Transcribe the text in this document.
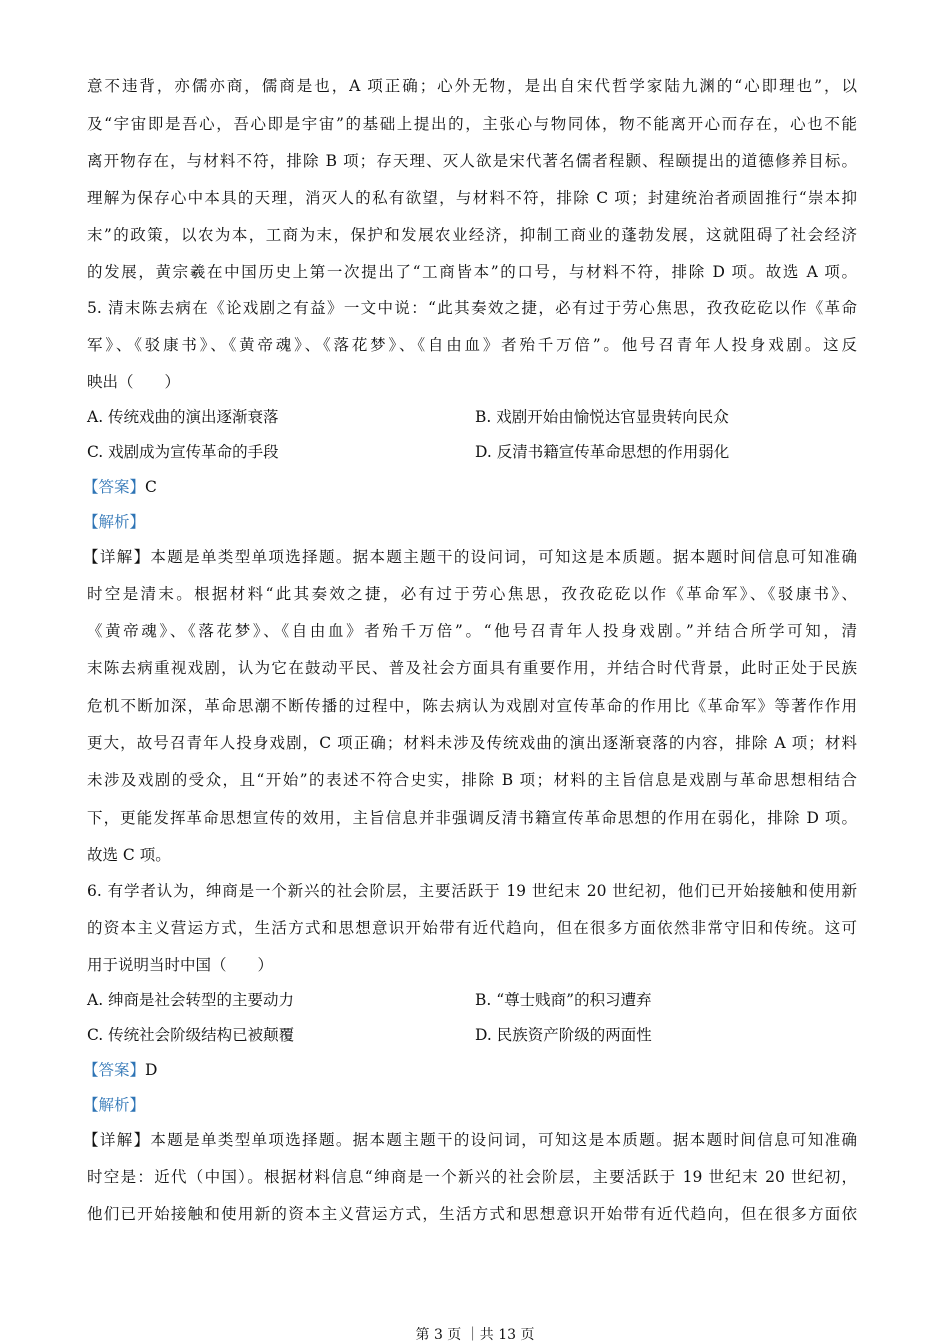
意不违背，亦儒亦商，儒商是也，A 项正确；心外无物，是出自宋代哲学家陆九渊的“心即理也”，以
及“宇宙即是吾心，吾心即是宇宙”的基础上提出的，主张心与物同体，物不能离开心而存在，心也不能
离开物存在，与材料不符，排除 B 项；存天理、灭人欲是宋代著名儒者程颢、程颐提出的道德修养目标。
理解为保存心中本具的天理，消灭人的私有欲望，与材料不符，排除 C 项；封建统治者顽固推行“崇本抑
末”的政策，以农为本，工商为末，保护和发展农业经济，抑制工商业的蓬勃发展，这就阻碍了社会经济
的发展，黄宗羲在中国历史上第一次提出了“工商皆本”的口号，与材料不符，排除 D 项。故选 A 项。
5. 清末陈去病在《论戏剧之有益》一文中说：“此其奏效之捷，必有过于劳心焦思，孜孜矻矻以作《革命
军》、《驳康书》、《黄帝魂》、《落花梦》、《自由血》者殆千万倍”。他号召青年人投身戏剧。这反
映出（　　）
A. 传统戏曲的演出逐渐衰落	B. 戏剧开始由愉悦达官显贵转向民众
C. 戏剧成为宣传革命的手段	D. 反清书籍宣传革命思想的作用弱化
【答案】C
【解析】
【详解】本题是单类型单项选择题。据本题主题干的设问词，可知这是本质题。据本题时间信息可知准确
时空是清末。根据材料“此其奏效之捷，必有过于劳心焦思，孜孜矻矻以作《革命军》、《驳康书》、
《黄帝魂》、《落花梦》、《自由血》者殆千万倍”。“他号召青年人投身戏剧。”并结合所学可知，清
末陈去病重视戏剧，认为它在鼓动平民、普及社会方面具有重要作用，并结合时代背景，此时正处于民族
危机不断加深，革命思潮不断传播的过程中，陈去病认为戏剧对宣传革命的作用比《革命军》等著作作用
更大，故号召青年人投身戏剧，C 项正确；材料未涉及传统戏曲的演出逐渐衰落的内容，排除 A 项；材料
未涉及戏剧的受众，且“开始”的表述不符合史实，排除 B 项；材料的主旨信息是戏剧与革命思想相结合
下，更能发挥革命思想宣传的效用，主旨信息并非强调反清书籍宣传革命思想的作用在弱化，排除 D 项。
故选 C 项。
6. 有学者认为，绅商是一个新兴的社会阶层，主要活跃于 19 世纪末 20 世纪初，他们已开始接触和使用新
的资本主义营运方式，生活方式和思想意识开始带有近代趋向，但在很多方面依然非常守旧和传统。这可
用于说明当时中国（　　）
A. 绅商是社会转型的主要动力	B. “尊士贱商”的积习遭弃
C. 传统社会阶级结构已被颠覆	D. 民族资产阶级的两面性
【答案】D
【解析】
【详解】本题是单类型单项选择题。据本题主题干的设问词，可知这是本质题。据本题时间信息可知准确
时空是：近代（中国）。根据材料信息“绅商是一个新兴的社会阶层，主要活跃于 19 世纪末 20 世纪初，
他们已开始接触和使用新的资本主义营运方式，生活方式和思想意识开始带有近代趋向，但在很多方面依
第 3 页 ｜共 13 页
